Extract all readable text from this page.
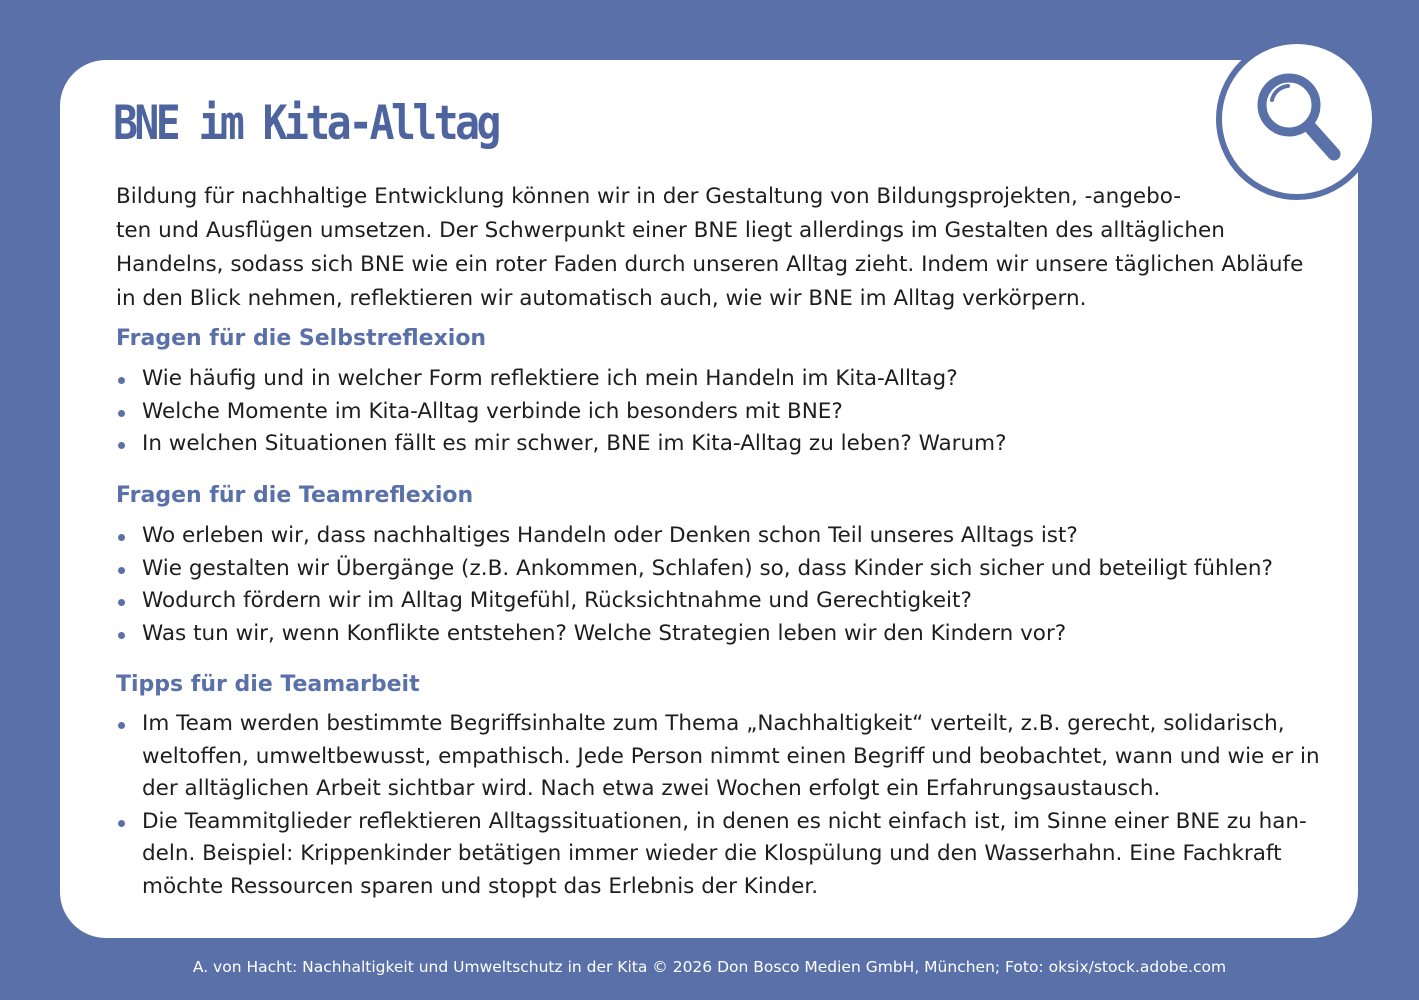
BNE im Kita-Alltag

Bildung für nachhaltige Entwicklung können wir in der Gestaltung von Bildungsprojekten, -angebo-
ten und Ausflügen umsetzen. Der Schwerpunkt einer BNE liegt allerdings im Gestalten des alltäglichen
Handelns, sodass sich BNE wie ein roter Faden durch unseren Alltag zieht. Indem wir unsere täglichen Abläufe
in den Blick nehmen, reflektieren wir automatisch auch, wie wir BNE im Alltag verkörpern.

Fragen für die Selbstreflexion
Wie häufig und in welcher Form reflektiere ich mein Handeln im Kita-Alltag?
Welche Momente im Kita-Alltag verbinde ich besonders mit BNE?
In welchen Situationen fällt es mir schwer, BNE im Kita-Alltag zu leben? Warum?
Fragen für die Teamreflexion
Wo erleben wir, dass nachhaltiges Handeln oder Denken schon Teil unseres Alltags ist?
Wie gestalten wir Übergänge (z.B. Ankommen, Schlafen) so, dass Kinder sich sicher und beteiligt fühlen?
Wodurch fördern wir im Alltag Mitgefühl, Rücksichtnahme und Gerechtigkeit?
Was tun wir, wenn Konflikte entstehen? Welche Strategien leben wir den Kindern vor?
Tipps für die Teamarbeit
Im Team werden bestimmte Begriffsinhalte zum Thema „Nachhaltigkeit“ verteilt, z.B. gerecht, solidarisch,
weltoffen, umweltbewusst, empathisch. Jede Person nimmt einen Begriff und beobachtet, wann und wie er in
der alltäglichen Arbeit sichtbar wird. Nach etwa zwei Wochen erfolgt ein Erfahrungsaustausch.
Die Teammitglieder reflektieren Alltagssituationen, in denen es nicht einfach ist, im Sinne einer BNE zu han-
deln. Beispiel: Krippenkinder betätigen immer wieder die Klospülung und den Wasserhahn. Eine Fachkraft
möchte Ressourcen sparen und stoppt das Erlebnis der Kinder.

A. von Hacht: Nachhaltigkeit und Umweltschutz in der Kita © 2026 Don Bosco Medien GmbH, München; Foto: oksix/stock.adobe.com
